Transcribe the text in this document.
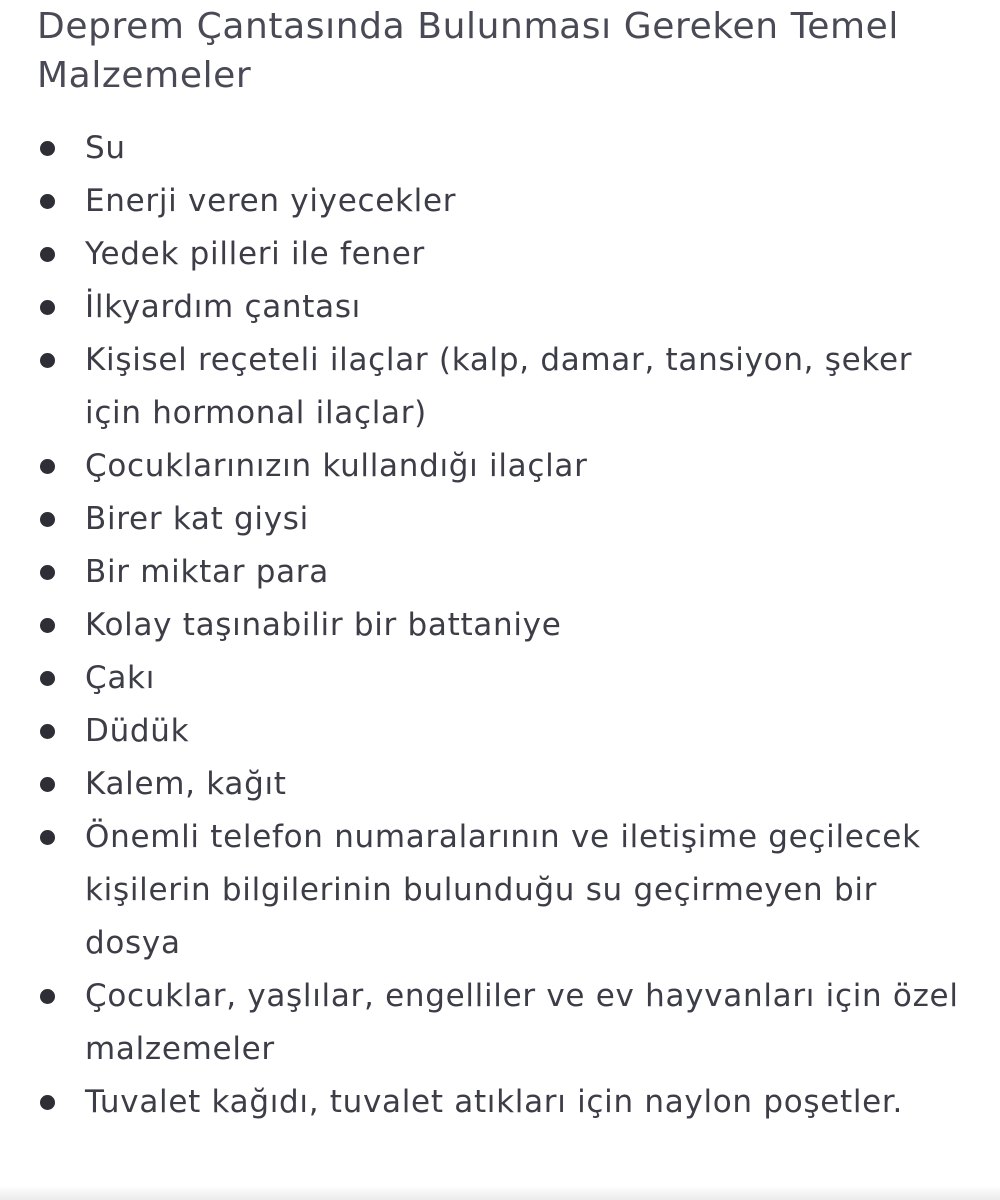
Deprem Çantasında Bulunması Gereken Temel Malzemeler
Su
Enerji veren yiyecekler
Yedek pilleri ile fener
İlkyardım çantası
Kişisel reçeteli ilaçlar (kalp, damar, tansiyon, şeker için hormonal ilaçlar)
Çocuklarınızın kullandığı ilaçlar
Birer kat giysi
Bir miktar para
Kolay taşınabilir bir battaniye
Çakı
Düdük
Kalem, kağıt
Önemli telefon numaralarının ve iletişime geçilecek kişilerin bilgilerinin bulunduğu su geçirmeyen bir dosya
Çocuklar, yaşlılar, engelliler ve ev hayvanları için özel malzemeler
Tuvalet kağıdı, tuvalet atıkları için naylon poşetler.
